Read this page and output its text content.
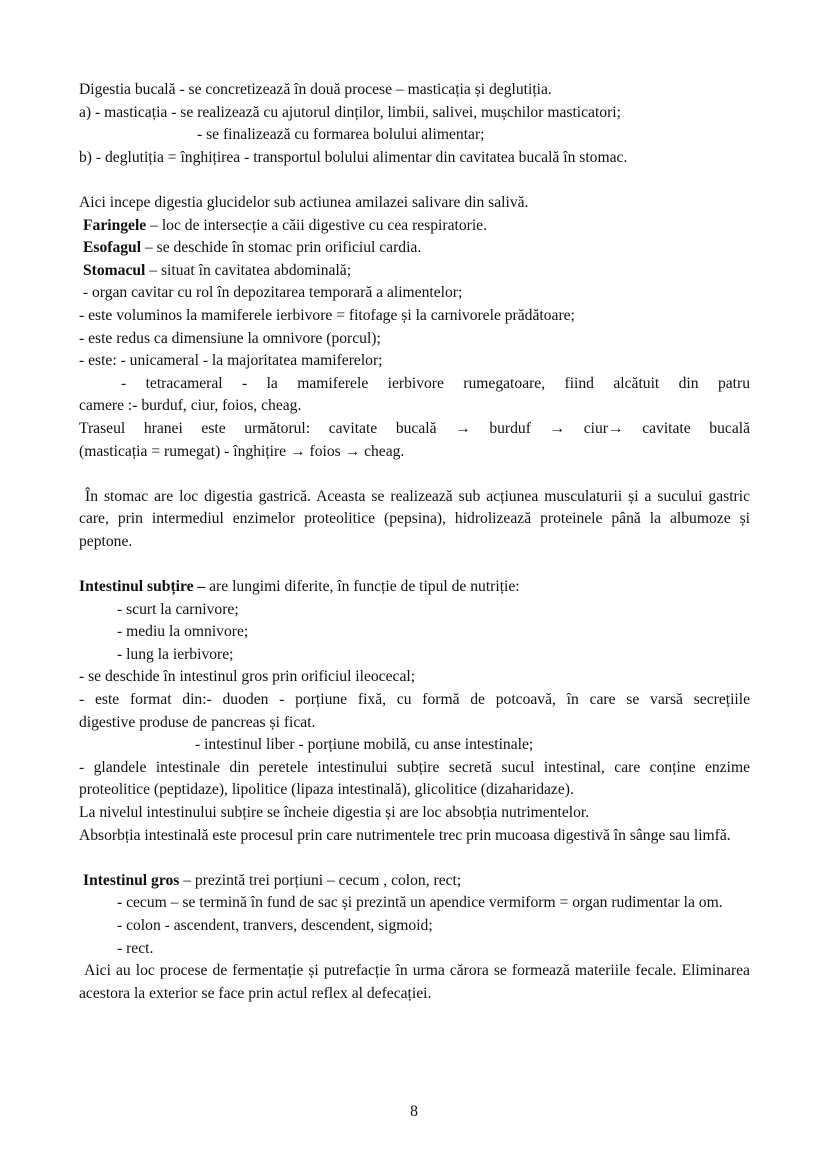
Digestia bucală - se concretizează în două procese – masticația și deglutiția.
a) - masticația - se realizează cu ajutorul dinților, limbii, salivei, mușchilor masticatori;
- se finalizează cu formarea bolului alimentar;
b) - deglutiția = înghițirea - transportul bolului alimentar din cavitatea bucală în stomac.
Aici incepe digestia glucidelor sub actiunea amilazei salivare din salivă.
Faringele – loc de intersecție a căii digestive cu cea respiratorie.
Esofagul – se deschide în stomac prin orificiul cardia.
Stomacul – situat în cavitatea abdominală;
- organ cavitar cu rol în depozitarea temporară a alimentelor;
- este voluminos la mamiferele ierbivore = fitofage și la carnivorele prădătoare;
- este redus ca dimensiune la omnivore (porcul);
- este: - unicameral - la majoritatea mamiferelor;
- tetracameral - la mamiferele ierbivore rumegatoare, fiind alcătuit din patru
camere :- burduf, ciur, foios, cheag.
Traseul hranei este următorul: cavitate bucală → burduf → ciur→ cavitate bucală
(masticația = rumegat) - înghițire → foios → cheag.
În stomac are loc digestia gastrică. Aceasta se realizează sub acțiunea musculaturii și a sucului gastric care, prin intermediul enzimelor proteolitice (pepsina), hidrolizează proteinele până la albumoze și peptone.
Intestinul subțire – are lungimi diferite, în funcție de tipul de nutriție:
- scurt la carnivore;
- mediu la omnivore;
- lung la ierbivore;
- se deschide în intestinul gros prin orificiul ileocecal;
- este format din:- duoden - porțiune fixă, cu formă de potcoavă, în care se varsă secrețiile
digestive produse de pancreas și ficat.
- intestinul liber - porțiune mobilă, cu anse intestinale;
- glandele intestinale din peretele intestinului subțire secretă sucul intestinal, care conține enzime proteolitice (peptidaze), lipolitice (lipaza intestinală), glicolitice (dizaharidaze).
La nivelul intestinului subțire se încheie digestia și are loc absobția nutrimentelor.
Absorbția intestinală este procesul prin care nutrimentele trec prin mucoasa digestivă în sânge sau limfă.
Intestinul gros – prezintă trei porțiuni – cecum , colon, rect;
- cecum – se termină în fund de sac și prezintă un apendice vermiform = organ rudimentar la om.
- colon - ascendent, tranvers, descendent, sigmoid;
- rect.
Aici au loc procese de fermentație și putrefacție în urma cărora se formează materiile fecale. Eliminarea acestora la exterior se face prin actul reflex al defecației.
8
